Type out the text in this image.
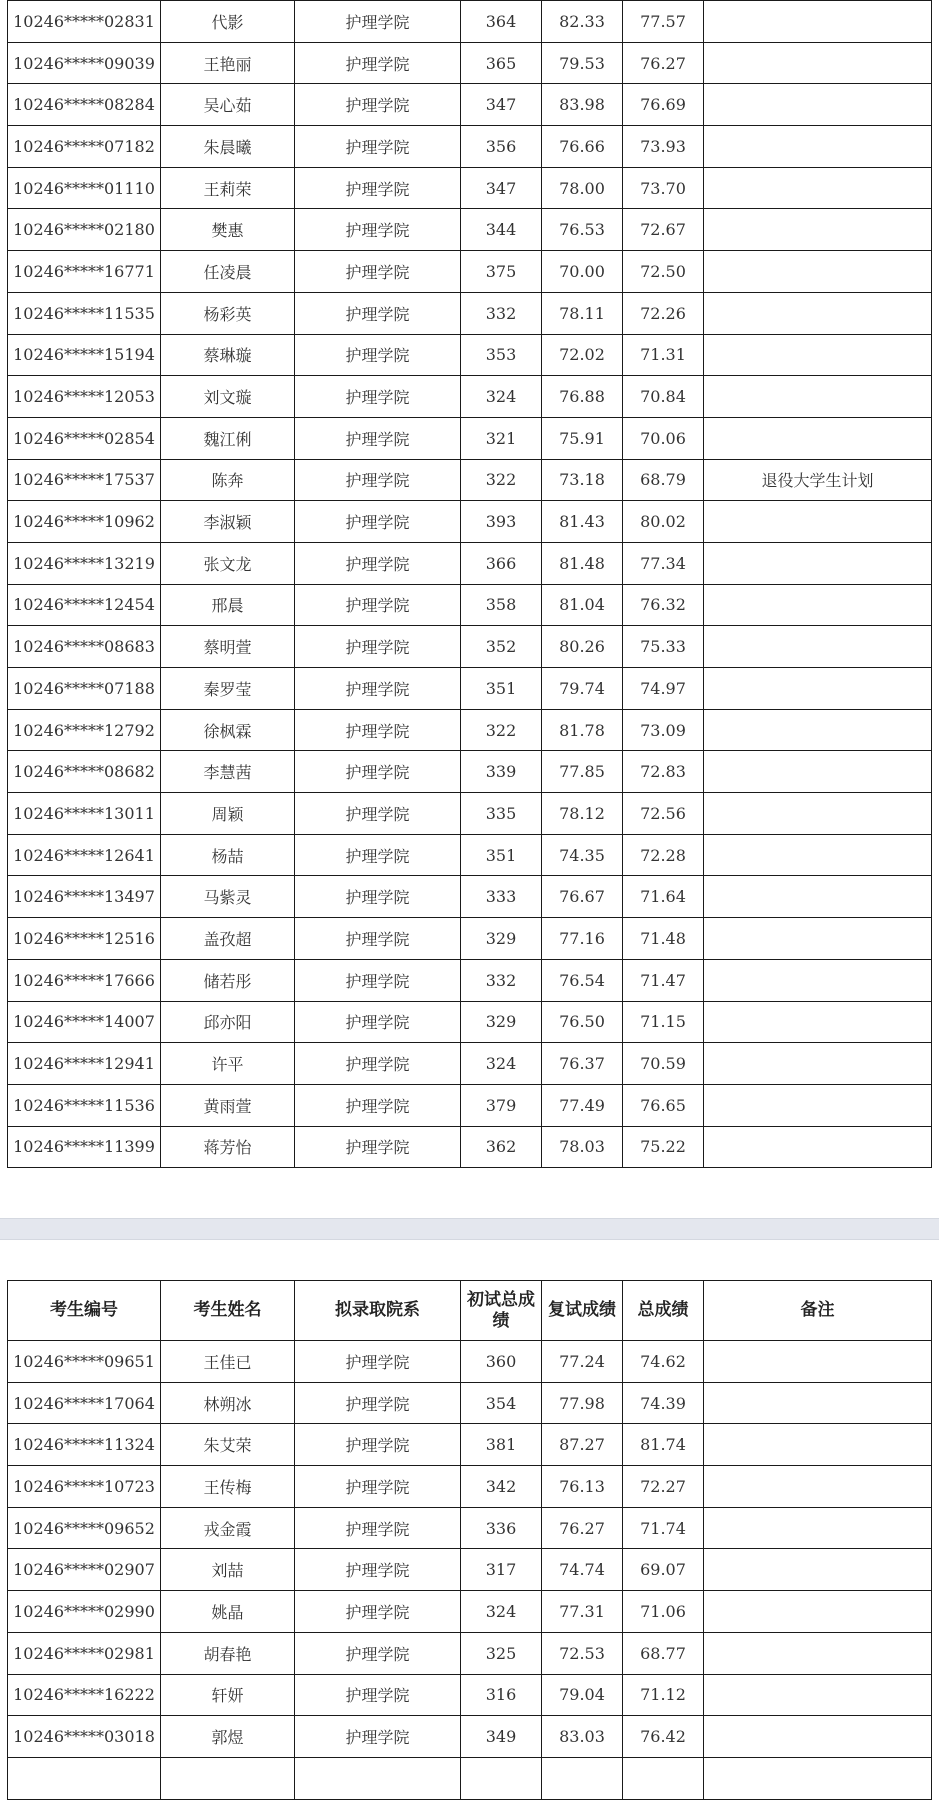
10246*****02831	代影	护理学院	364	82.33	77.57	
10246*****09039	王艳丽	护理学院	365	79.53	76.27	
10246*****08284	吴心茹	护理学院	347	83.98	76.69	
10246*****07182	朱晨曦	护理学院	356	76.66	73.93	
10246*****01110	王莉荣	护理学院	347	78.00	73.70	
10246*****02180	樊惠	护理学院	344	76.53	72.67	
10246*****16771	任凌晨	护理学院	375	70.00	72.50	
10246*****11535	杨彩英	护理学院	332	78.11	72.26	
10246*****15194	蔡琳璇	护理学院	353	72.02	71.31	
10246*****12053	刘文璇	护理学院	324	76.88	70.84	
10246*****02854	魏江俐	护理学院	321	75.91	70.06	
10246*****17537	陈奔	护理学院	322	73.18	68.79	退役大学生计划
10246*****10962	李淑颖	护理学院	393	81.43	80.02	
10246*****13219	张文龙	护理学院	366	81.48	77.34	
10246*****12454	邢晨	护理学院	358	81.04	76.32	
10246*****08683	蔡明萱	护理学院	352	80.26	75.33	
10246*****07188	秦罗莹	护理学院	351	79.74	74.97	
10246*****12792	徐枫霖	护理学院	322	81.78	73.09	
10246*****08682	李慧茜	护理学院	339	77.85	72.83	
10246*****13011	周颖	护理学院	335	78.12	72.56	
10246*****12641	杨喆	护理学院	351	74.35	72.28	
10246*****13497	马紫灵	护理学院	333	76.67	71.64	
10246*****12516	盖孜超	护理学院	329	77.16	71.48	
10246*****17666	储若彤	护理学院	332	76.54	71.47	
10246*****14007	邱亦阳	护理学院	329	76.50	71.15	
10246*****12941	许平	护理学院	324	76.37	70.59	
10246*****11536	黄雨萱	护理学院	379	77.49	76.65	
10246*****11399	蒋芳怡	护理学院	362	78.03	75.22	
考生编号	考生姓名	拟录取院系	初试总成绩	复试成绩	总成绩	备注
10246*****09651	王佳已	护理学院	360	77.24	74.62	
10246*****17064	林朔冰	护理学院	354	77.98	74.39	
10246*****11324	朱艾荣	护理学院	381	87.27	81.74	
10246*****10723	王传梅	护理学院	342	76.13	72.27	
10246*****09652	戎金霞	护理学院	336	76.27	71.74	
10246*****02907	刘喆	护理学院	317	74.74	69.07	
10246*****02990	姚晶	护理学院	324	77.31	71.06	
10246*****02981	胡春艳	护理学院	325	72.53	68.77	
10246*****16222	轩妍	护理学院	316	79.04	71.12	
10246*****03018	郭煜	护理学院	349	83.03	76.42	
